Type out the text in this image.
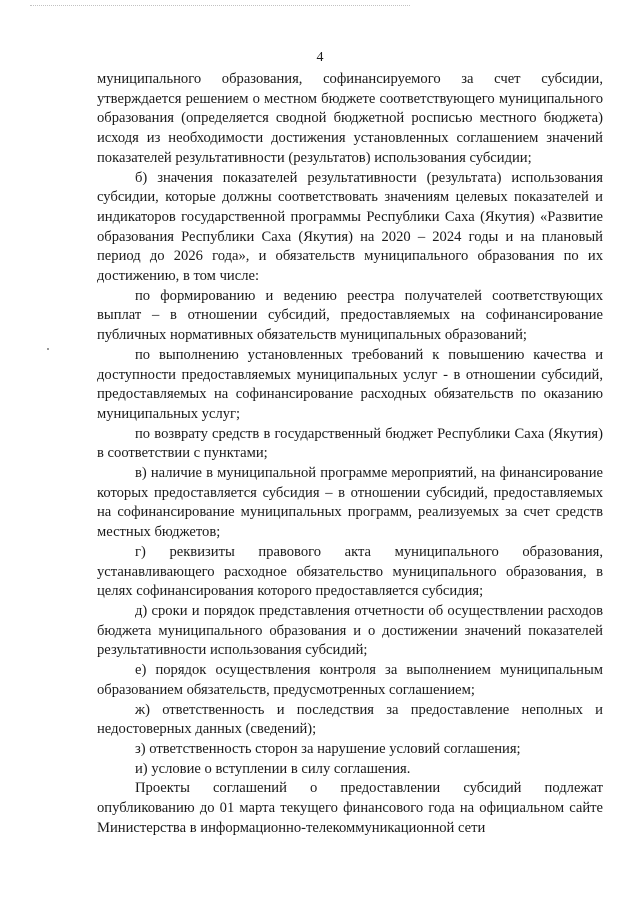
4

муниципального образования, софинансируемого за счет субсидии, утверждается решением о местном бюджете соответствующего муниципального образования (определяется сводной бюджетной росписью местного бюджета) исходя из необходимости достижения установленных соглашением значений показателей результативности (результатов) использования субсидии;

б) значения показателей результативности (результата) использования субсидии, которые должны соответствовать значениям целевых показателей и индикаторов государственной программы Республики Саха (Якутия) «Развитие образования Республики Саха (Якутия) на 2020 – 2024 годы и на плановый период до 2026 года», и обязательств муниципального образования по их достижению, в том числе:

по формированию и ведению реестра получателей соответствующих выплат – в отношении субсидий, предоставляемых на софинансирование публичных нормативных обязательств муниципальных образований;

по выполнению установленных требований к повышению качества и доступности предоставляемых муниципальных услуг - в отношении субсидий, предоставляемых на софинансирование расходных обязательств по оказанию муниципальных услуг;

по возврату средств в государственный бюджет Республики Саха (Якутия) в соответствии с пунктами;

в) наличие в муниципальной программе мероприятий, на финансирование которых предоставляется субсидия – в отношении субсидий, предоставляемых на софинансирование муниципальных программ, реализуемых за счет средств местных бюджетов;

г) реквизиты правового акта муниципального образования, устанавливающего расходное обязательство муниципального образования, в целях софинансирования которого предоставляется субсидия;

д) сроки и порядок представления отчетности об осуществлении расходов бюджета муниципального образования и о достижении значений показателей результативности использования субсидий;

е) порядок осуществления контроля за выполнением муниципальным образованием обязательств, предусмотренных соглашением;

ж) ответственность и последствия за предоставление неполных и недостоверных данных (сведений);

з) ответственность сторон за нарушение условий соглашения;

и) условие о вступлении в силу соглашения.

Проекты соглашений о предоставлении субсидий подлежат опубликованию до 01 марта текущего финансового года на официальном сайте Министерства в информационно-телекоммуникационной сети
